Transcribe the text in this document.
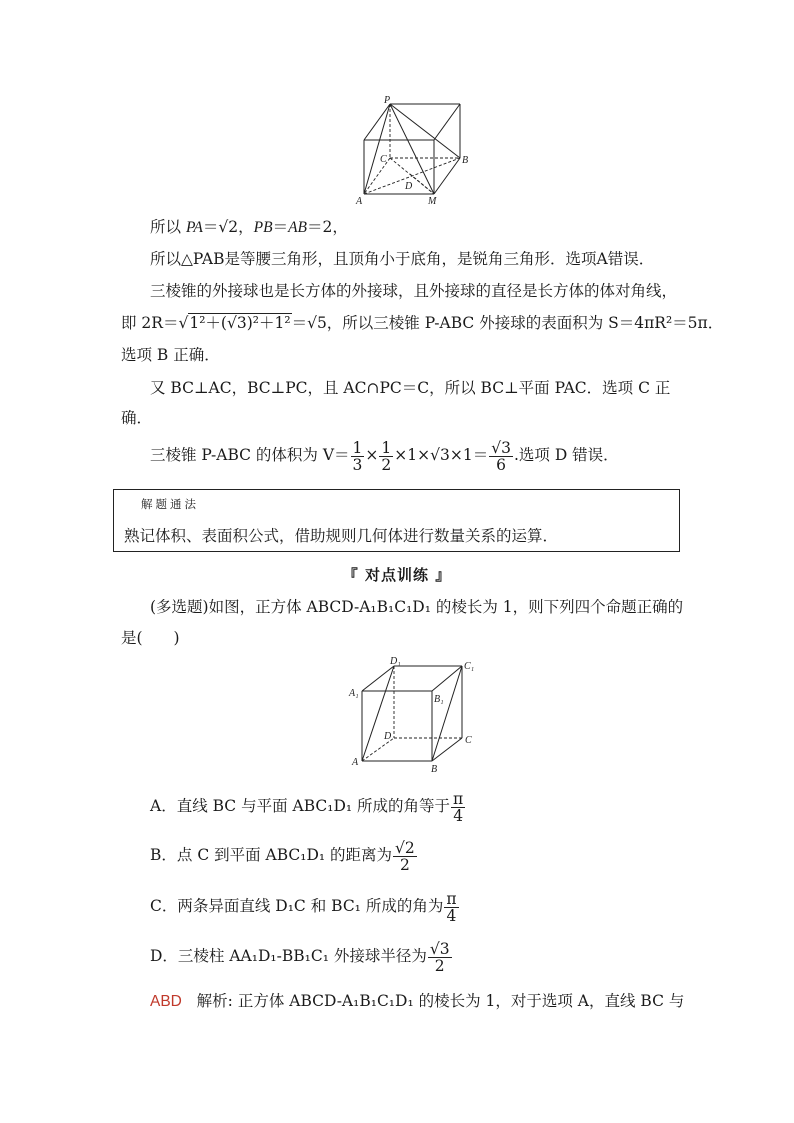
P
C	B
D
A	M
所以 PA＝√2，PB＝AB＝2，
所以△PAB是等腰三角形，且顶角小于底角，是锐角三角形．选项A错误．
三棱锥的外接球也是长方体的外接球，且外接球的直径是长方体的体对角线，
即 2R＝√1²＋(√3)²＋1²＝√5，所以三棱锥 P-ABC 外接球的表面积为 S＝4πR²＝5π．
选项 B 正确．
又 BC⊥AC，BC⊥PC，且 AC∩PC＝C，所以 BC⊥平面 PAC．选项 C 正
确．
三棱锥 P-ABC 的体积为 $V= \frac{1}{3} \times \frac{1}{2} \times 1\times√3\times 1= \frac{√3}{6}$ .选项 D 错误．
解题通法
熟记体积、表面积公式，借助规则几何体进行数量关系的运算．
『 对点训练 』
(多选题)如图，正方体 ABCD-A₁B₁C₁D₁ 的棱长为 1，则下列四个命题正确的
是(　　)
D₁	C₁
A₁
B₁
D	C
A
B
A．直线 BC 与平面 ABC₁D₁ 所成的角等于 $\frac{\pi}{4}$
B．点 C 到平面 ABC₁D₁ 的距离为 $\frac{√2}{2}$
C．两条异面直线 D₁C 和 BC₁ 所成的角为 $\frac{\pi}{4}$
D．三棱柱 AA₁D₁-BB₁C₁ 外接球半径为 $\frac{√3}{2}$
ABD 解析: 正方体 ABCD-A₁B₁C₁D₁ 的棱长为 1，对于选项 A，直线 BC 与
